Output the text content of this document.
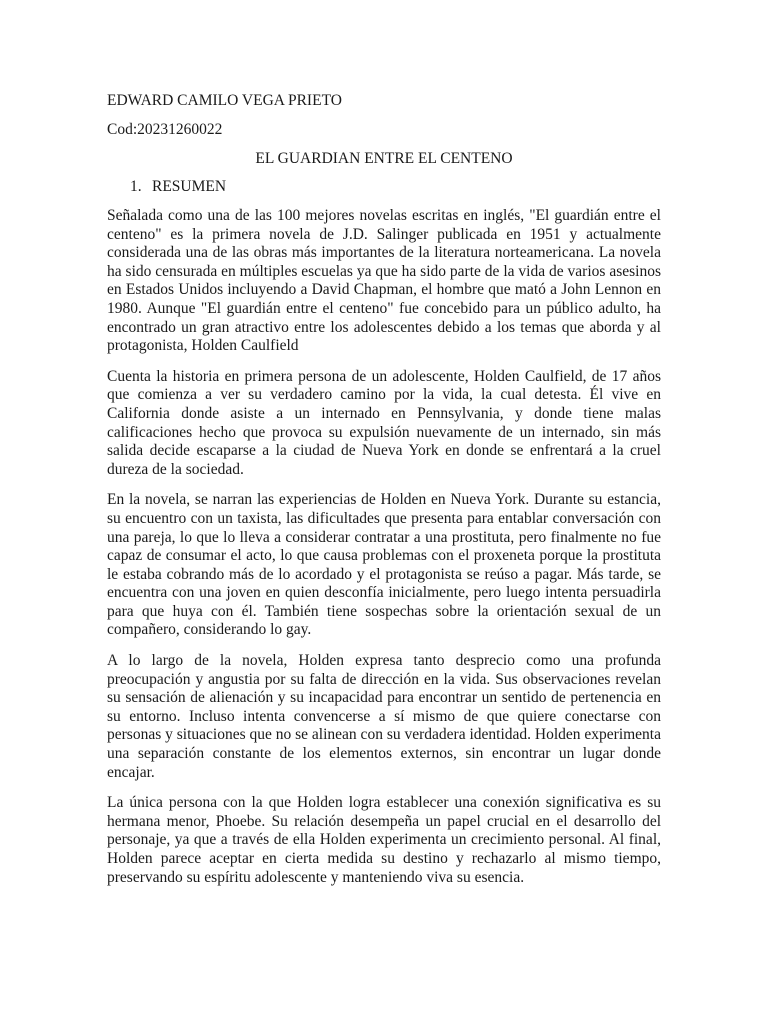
EDWARD CAMILO VEGA PRIETO

Cod:20231260022

EL GUARDIAN ENTRE EL CENTENO

1. RESUMEN

Señalada como una de las 100 mejores novelas escritas en inglés, "El guardián entre el centeno" es la primera novela de J.D. Salinger publicada en 1951 y actualmente considerada una de las obras más importantes de la literatura norteamericana. La novela ha sido censurada en múltiples escuelas ya que ha sido parte de la vida de varios asesinos en Estados Unidos incluyendo a David Chapman, el hombre que mató a John Lennon en 1980. Aunque "El guardián entre el centeno" fue concebido para un público adulto, ha encontrado un gran atractivo entre los adolescentes debido a los temas que aborda y al protagonista, Holden Caulfield

Cuenta la historia en primera persona de un adolescente, Holden Caulfield, de 17 años que comienza a ver su verdadero camino por la vida, la cual detesta. Él vive en California donde asiste a un internado en Pennsylvania, y donde tiene malas calificaciones hecho que provoca su expulsión nuevamente de un internado, sin más salida decide escaparse a la ciudad de Nueva York en donde se enfrentará a la cruel dureza de la sociedad.

En la novela, se narran las experiencias de Holden en Nueva York. Durante su estancia, su encuentro con un taxista, las dificultades que presenta para entablar conversación con una pareja, lo que lo lleva a considerar contratar a una prostituta, pero finalmente no fue capaz de consumar el acto, lo que causa problemas con el proxeneta porque la prostituta le estaba cobrando más de lo acordado y el protagonista se reúso a pagar. Más tarde, se encuentra con una joven en quien desconfía inicialmente, pero luego intenta persuadirla para que huya con él. También tiene sospechas sobre la orientación sexual de un compañero, considerando lo gay.

A lo largo de la novela, Holden expresa tanto desprecio como una profunda preocupación y angustia por su falta de dirección en la vida. Sus observaciones revelan su sensación de alienación y su incapacidad para encontrar un sentido de pertenencia en su entorno. Incluso intenta convencerse a sí mismo de que quiere conectarse con personas y situaciones que no se alinean con su verdadera identidad. Holden experimenta una separación constante de los elementos externos, sin encontrar un lugar donde encajar.

La única persona con la que Holden logra establecer una conexión significativa es su hermana menor, Phoebe. Su relación desempeña un papel crucial en el desarrollo del personaje, ya que a través de ella Holden experimenta un crecimiento personal. Al final, Holden parece aceptar en cierta medida su destino y rechazarlo al mismo tiempo, preservando su espíritu adolescente y manteniendo viva su esencia.
